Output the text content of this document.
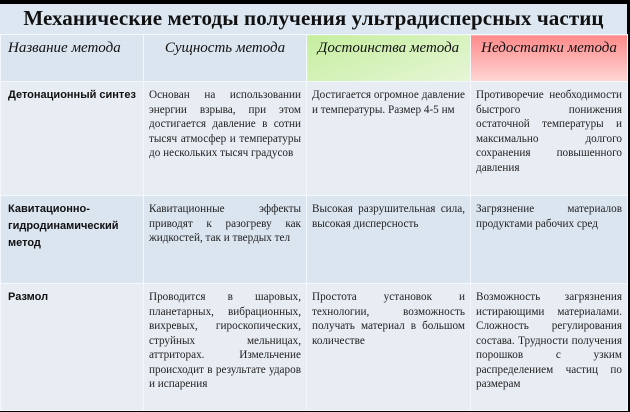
Механические методы получения ультрадисперсных частиц
Название метода	Сущность метода	Достоинства метода	Недостатки метода
Детонационный синтез	Основан на использовании энергии взрыва, при этом достигается давление в сотни тысяч атмосфер и температуры до нескольких тысяч градусов	Достигается огромное давление и температуры. Размер 4-5 нм	Противоречие необходимости быстрого понижения остаточной температуры и максимально долгого сохранения повышенного давления
Кавитационно-гидродинамический метод	Кавитационные эффекты приводят к разогреву как жидкостей, так и твердых тел	Высокая разрушительная сила, высокая дисперсность	Загрязнение материалов продуктами рабочих сред
Размол	Проводится в шаровых, планетарных, вибрационных, вихревых, гироскопических, струйных мельницах, аттриторах. Измельчение происходит в результате ударов и испарения	Простота установок и технологии, возможность получать материал в большом количестве	Возможность загрязнения истирающими материалами. Сложность регулирования состава. Трудности получения порошков с узким распределением частиц по размерам
